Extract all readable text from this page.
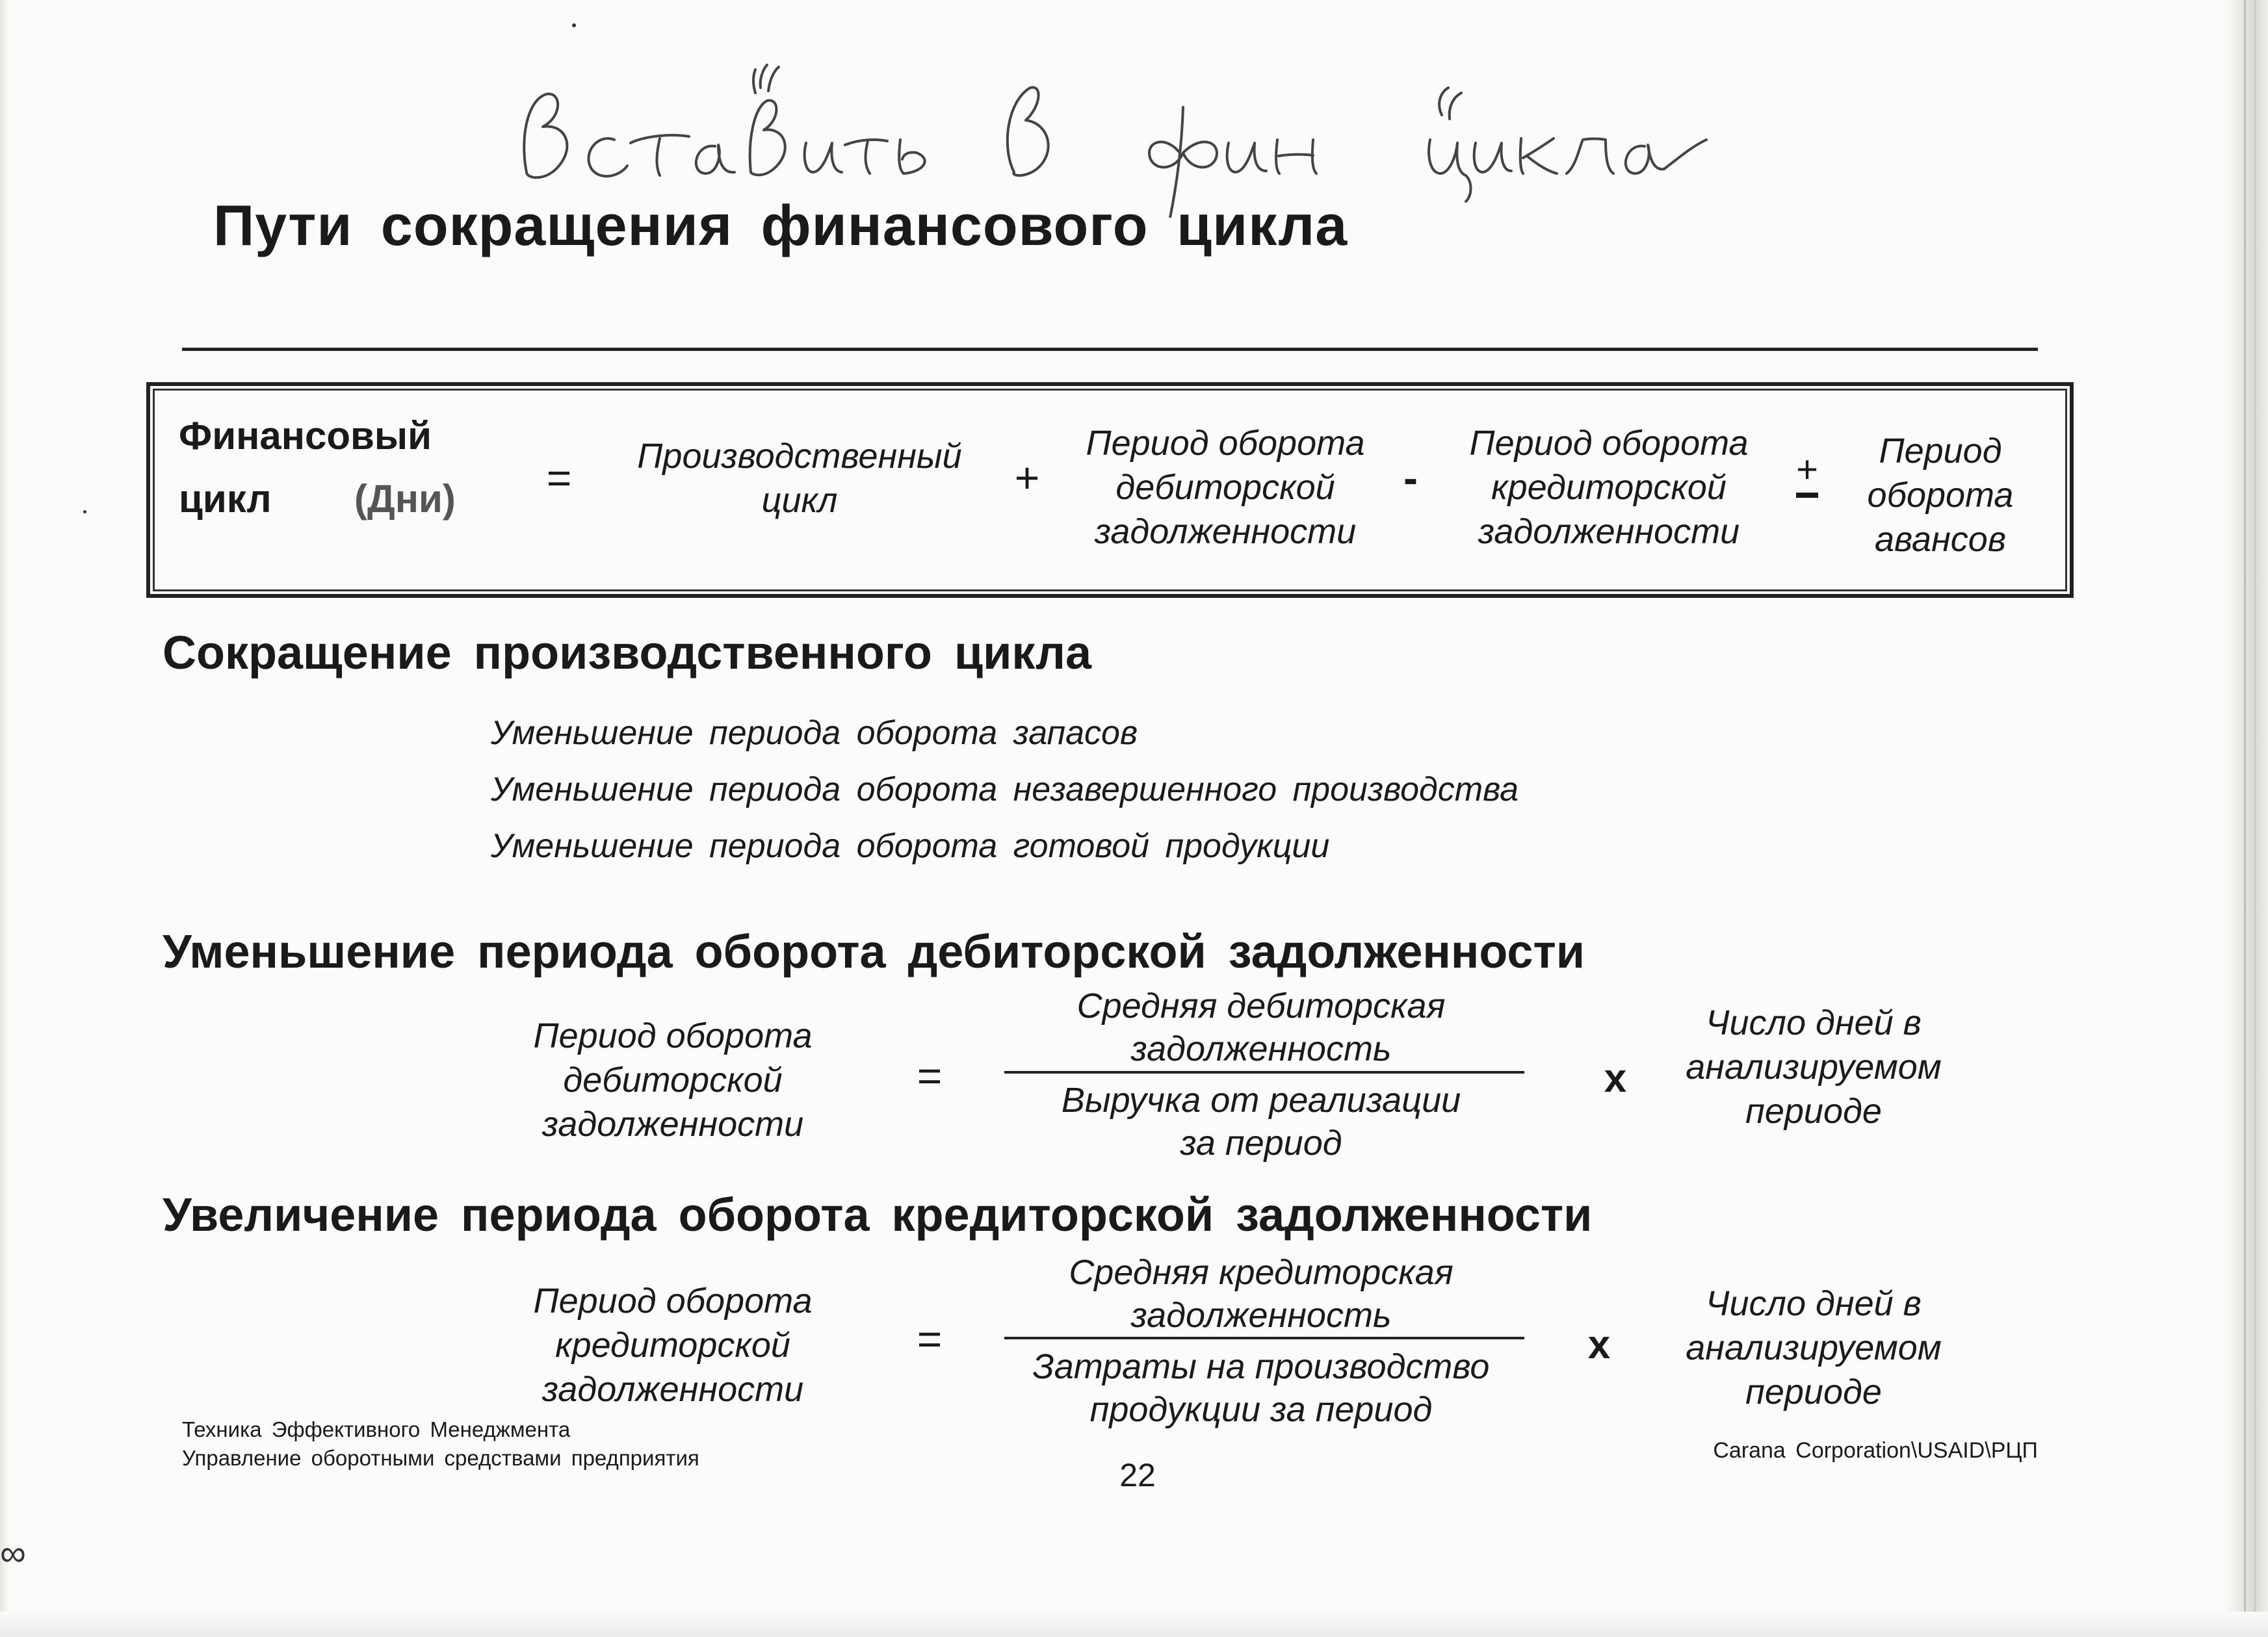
Пути сокращения финансового цикла
Финансовый
цикл	(Дни)	=	Производственный
цикл	+
Период оборота
дебиторской
задолженности
-
Период оборота
кредиторской
задолженности
+	Период
оборота
авансов
Сокращение производственного цикла
Уменьшение периода оборота запасов
Уменьшение периода оборота незавершенного производства
Уменьшение периода оборота готовой продукции
Уменьшение периода оборота дебиторской задолженности
Период оборота
дебиторской
задолженности
=
Средняя дебиторская
задолженность
Выручка от реализации
за период
x
Число дней в
анализируемом
периоде
Увеличение периода оборота кредиторской задолженности
Период оборота
кредиторской
задолженности
=
Средняя кредиторская
задолженность
Затраты на производство
продукции за период
x
Число дней в
анализируемом
периоде
Техника Эффективного Менеджмента
Управление оборотными средствами предприятия	22
Carana Corporation\USAID\РЦП
∞
